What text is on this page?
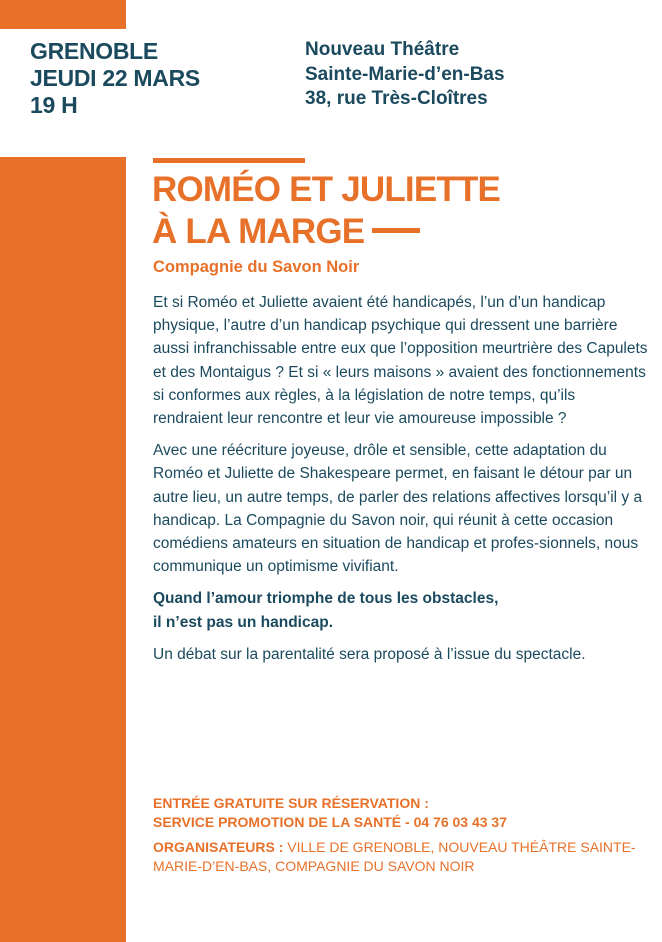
GRENOBLE
JEUDI 22 MARS
19 H
Nouveau Théâtre
Sainte-Marie-d’en-Bas
38, rue Très-Cloîtres
ROMÉO ET JULIETTE
À LA MARGE
Compagnie du Savon Noir

Et si Roméo et Juliette avaient été handicapés, l’un d’un handicap physique, l’autre d’un handicap psychique qui dressent une barrière aussi infranchissable entre eux que l’opposition meurtrière des Capulets et des Montaigus ? Et si « leurs maisons » avaient des fonctionnements si conformes aux règles, à la législation de notre temps, qu’ils rendraient leur rencontre et leur vie amoureuse impossible ?

Avec une réécriture joyeuse, drôle et sensible, cette adaptation du Roméo et Juliette de Shakespeare permet, en faisant le détour par un autre lieu, un autre temps, de parler des relations affectives lorsqu’il y a handicap. La Compagnie du Savon noir, qui réunit à cette occasion comédiens amateurs en situation de handicap et profes-sionnels, nous communique un optimisme vivifiant.

Quand l’amour triomphe de tous les obstacles,
il n’est pas un handicap.

Un débat sur la parentalité sera proposé à l’issue du spectacle.

ENTRÉE GRATUITE SUR RÉSERVATION :
SERVICE PROMOTION DE LA SANTÉ - 04 76 03 43 37

ORGANISATEURS : VILLE DE GRENOBLE, NOUVEAU THÉÂTRE SAINTE-MARIE-D’EN-BAS, COMPAGNIE DU SAVON NOIR
